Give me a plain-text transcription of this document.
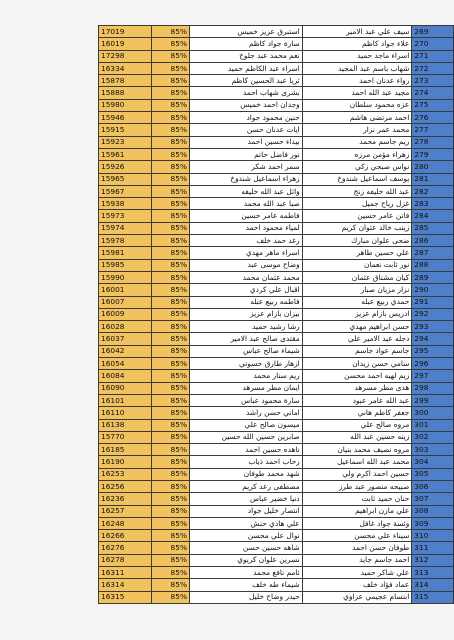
17019	85%	استبرق عزيز خميس	سيف علي عبد الامير	269
16019	85%	سارة جواد كاظم	علاء جواد كاظم	270
17298	85%	نعم محمد عبد جلوخ	اسراء ماجد حميد	271
16334	85%	اسراء عبد الكاظم حميد	شهاب باسم عبد المجيد	272
15878	85%	ثريا عبد الحسين كاظم	رواء عدنان احمد	273
15888	85%	بشرى شهاب احمد	مجيد عبد الله احمد	274
15980	85%	وجدان احمد خميس	عزه محمود سلطان	275
15946	85%	حنين محمود جواد	احمد مرتضى هاشم	276
15915	85%	ايات عدنان حسن	محمد عمر نزار	277
15923	85%	بيداء حسين احمد	ريم جاسم محمد	278
15961	85%	نور فاضل حاتم	زهراء مؤمن مرزه	279
15926	85%	سمر احمد شكر	نواس صبحي زكي	280
15965	85%	زهراء اسماعيل شندوخ	يوسف اسماعيل شندوخ	281
15967	85%	وائل عبد الله خليفه	عبد الله خليفه زنج	282
15938	85%	صبا عبد الله محمد	غزل رياح جميل	283
15973	85%	فاطمه عامر حسين	فاتن عامر حسين	284
15974	85%	لمياء محمود احمد	زينب خالد عثوان كريم	285
15978	85%	رغد حمد خلف	ضحى علوان مبارك	286
15981	85%	اسراء ماهر مهدي	علي حسين طاهر	287
15985	85%	وضاح موسى عبد	نور ثابت نعمان	288
15990	85%	محمد عثمان محمد	كيان مشتاق عثمان	289
16001	85%	اقبال علي كردي	نزار مزيان صبار	290
16007	85%	فاطمه ربيع عبله	حمدي ربيع عبله	291
16009	85%	بيزان بازام عزيز	ادريس بازام عزيز	292
16028	85%	رشا رشيد حميد	حسن ابراهيم مهدي	293
16037	85%	مقتدى صالح عبد الامير	دجله عبد الامير علي	294
16042	85%	شيماء صالح عباس	جاسم عواد جاسم	295
16054	85%	ازهار طارق حسوني	سامي حسن زيدان	296
16084	85%	ريم ستار محمد	زيم لهيه احمد محسن	297
16090	85%	ايمان مطر مسرهد	هدى مطر مسرهد	298
16101	85%	سارة محمود عباس	عبد الله عامر عبود	299
16110	85%	اماني حسن راشد	جعفر كاظم هاني	300
16138	85%	ميسون صالح علي	مروه صالح علي	301
15770	85%	صابرين حسين الله حسين	زينه حسين عبد الله	302
16185	85%	ناهده حسين احمد	مروه نصيف محمد بنيان	303
16190	85%	رحاب احمد ذياب	محمد عبد الله اسماعيل	304
16253	85%	شهد محمد طوفان	حسين احمد اكرم ولي	305
16256	85%	مصطفى رعد كريم	صبيحه منصور عبد طرز	306
16236	85%	دنيا خضير عباس	حنان حميد ثابت	307
16257	85%	انتصار خليل جواد	علي مازن ابراهيم	308
16248	85%	علي هادي حنش	وئسة جواد غافل	309
16266	85%	نوال علي محسن	سيناء علي محسن	310
16276	85%	شاهه حسين حسن	طوفان حسن احمد	311
16278	85%	نسرين علوان كريوي	احمد جاسم جايد	312
16311	85%	ثامم نافع محمد	علي شاكر حميد	313
16314	85%	شيماء طه خلف	عماد فؤاد خلف	314
16315	85%	حيدر وضاح خليل	ابتسام عجيمي عزاوي	315
